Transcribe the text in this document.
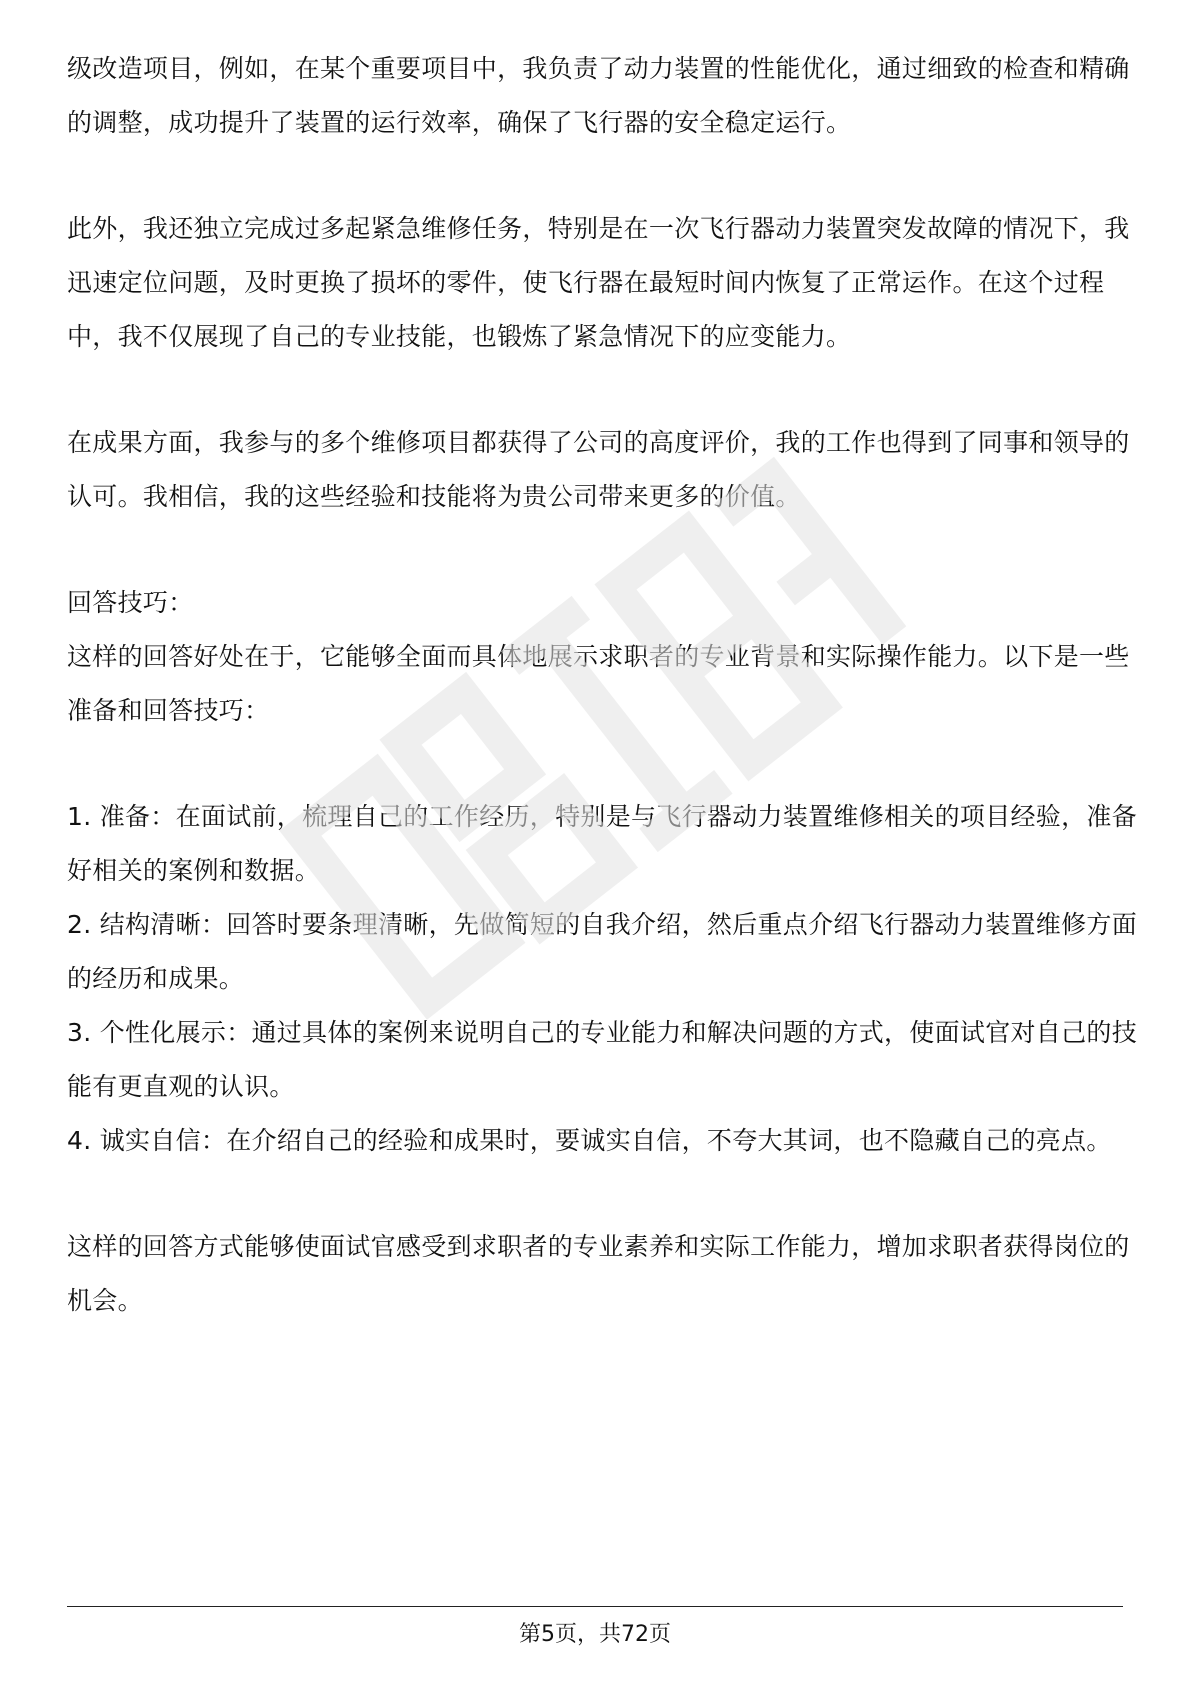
级改造项目，例如，在某个重要项目中，我负责了动力装置的性能优化，通过细致的检查和精确的调整，成功提升了装置的运行效率，确保了飞行器的安全稳定运行。

此外，我还独立完成过多起紧急维修任务，特别是在一次飞行器动力装置突发故障的情况下，我迅速定位问题，及时更换了损坏的零件，使飞行器在最短时间内恢复了正常运作。在这个过程中，我不仅展现了自己的专业技能，也锻炼了紧急情况下的应变能力。

在成果方面，我参与的多个维修项目都获得了公司的高度评价，我的工作也得到了同事和领导的认可。我相信，我的这些经验和技能将为贵公司带来更多的价值。

回答技巧：

这样的回答好处在于，它能够全面而具体地展示求职者的专业背景和实际操作能力。以下是一些准备和回答技巧：

1. 准备：在面试前，梳理自己的工作经历，特别是与飞行器动力装置维修相关的项目经验，准备好相关的案例和数据。

2. 结构清晰：回答时要条理清晰，先做简短的自我介绍，然后重点介绍飞行器动力装置维修方面的经历和成果。

3. 个性化展示：通过具体的案例来说明自己的专业能力和解决问题的方式，使面试官对自己的技能有更直观的认识。

4. 诚实自信：在介绍自己的经验和成果时，要诚实自信，不夸大其词，也不隐藏自己的亮点。

这样的回答方式能够使面试官感受到求职者的专业素养和实际工作能力，增加求职者获得岗位的机会。

第5页，共72页
